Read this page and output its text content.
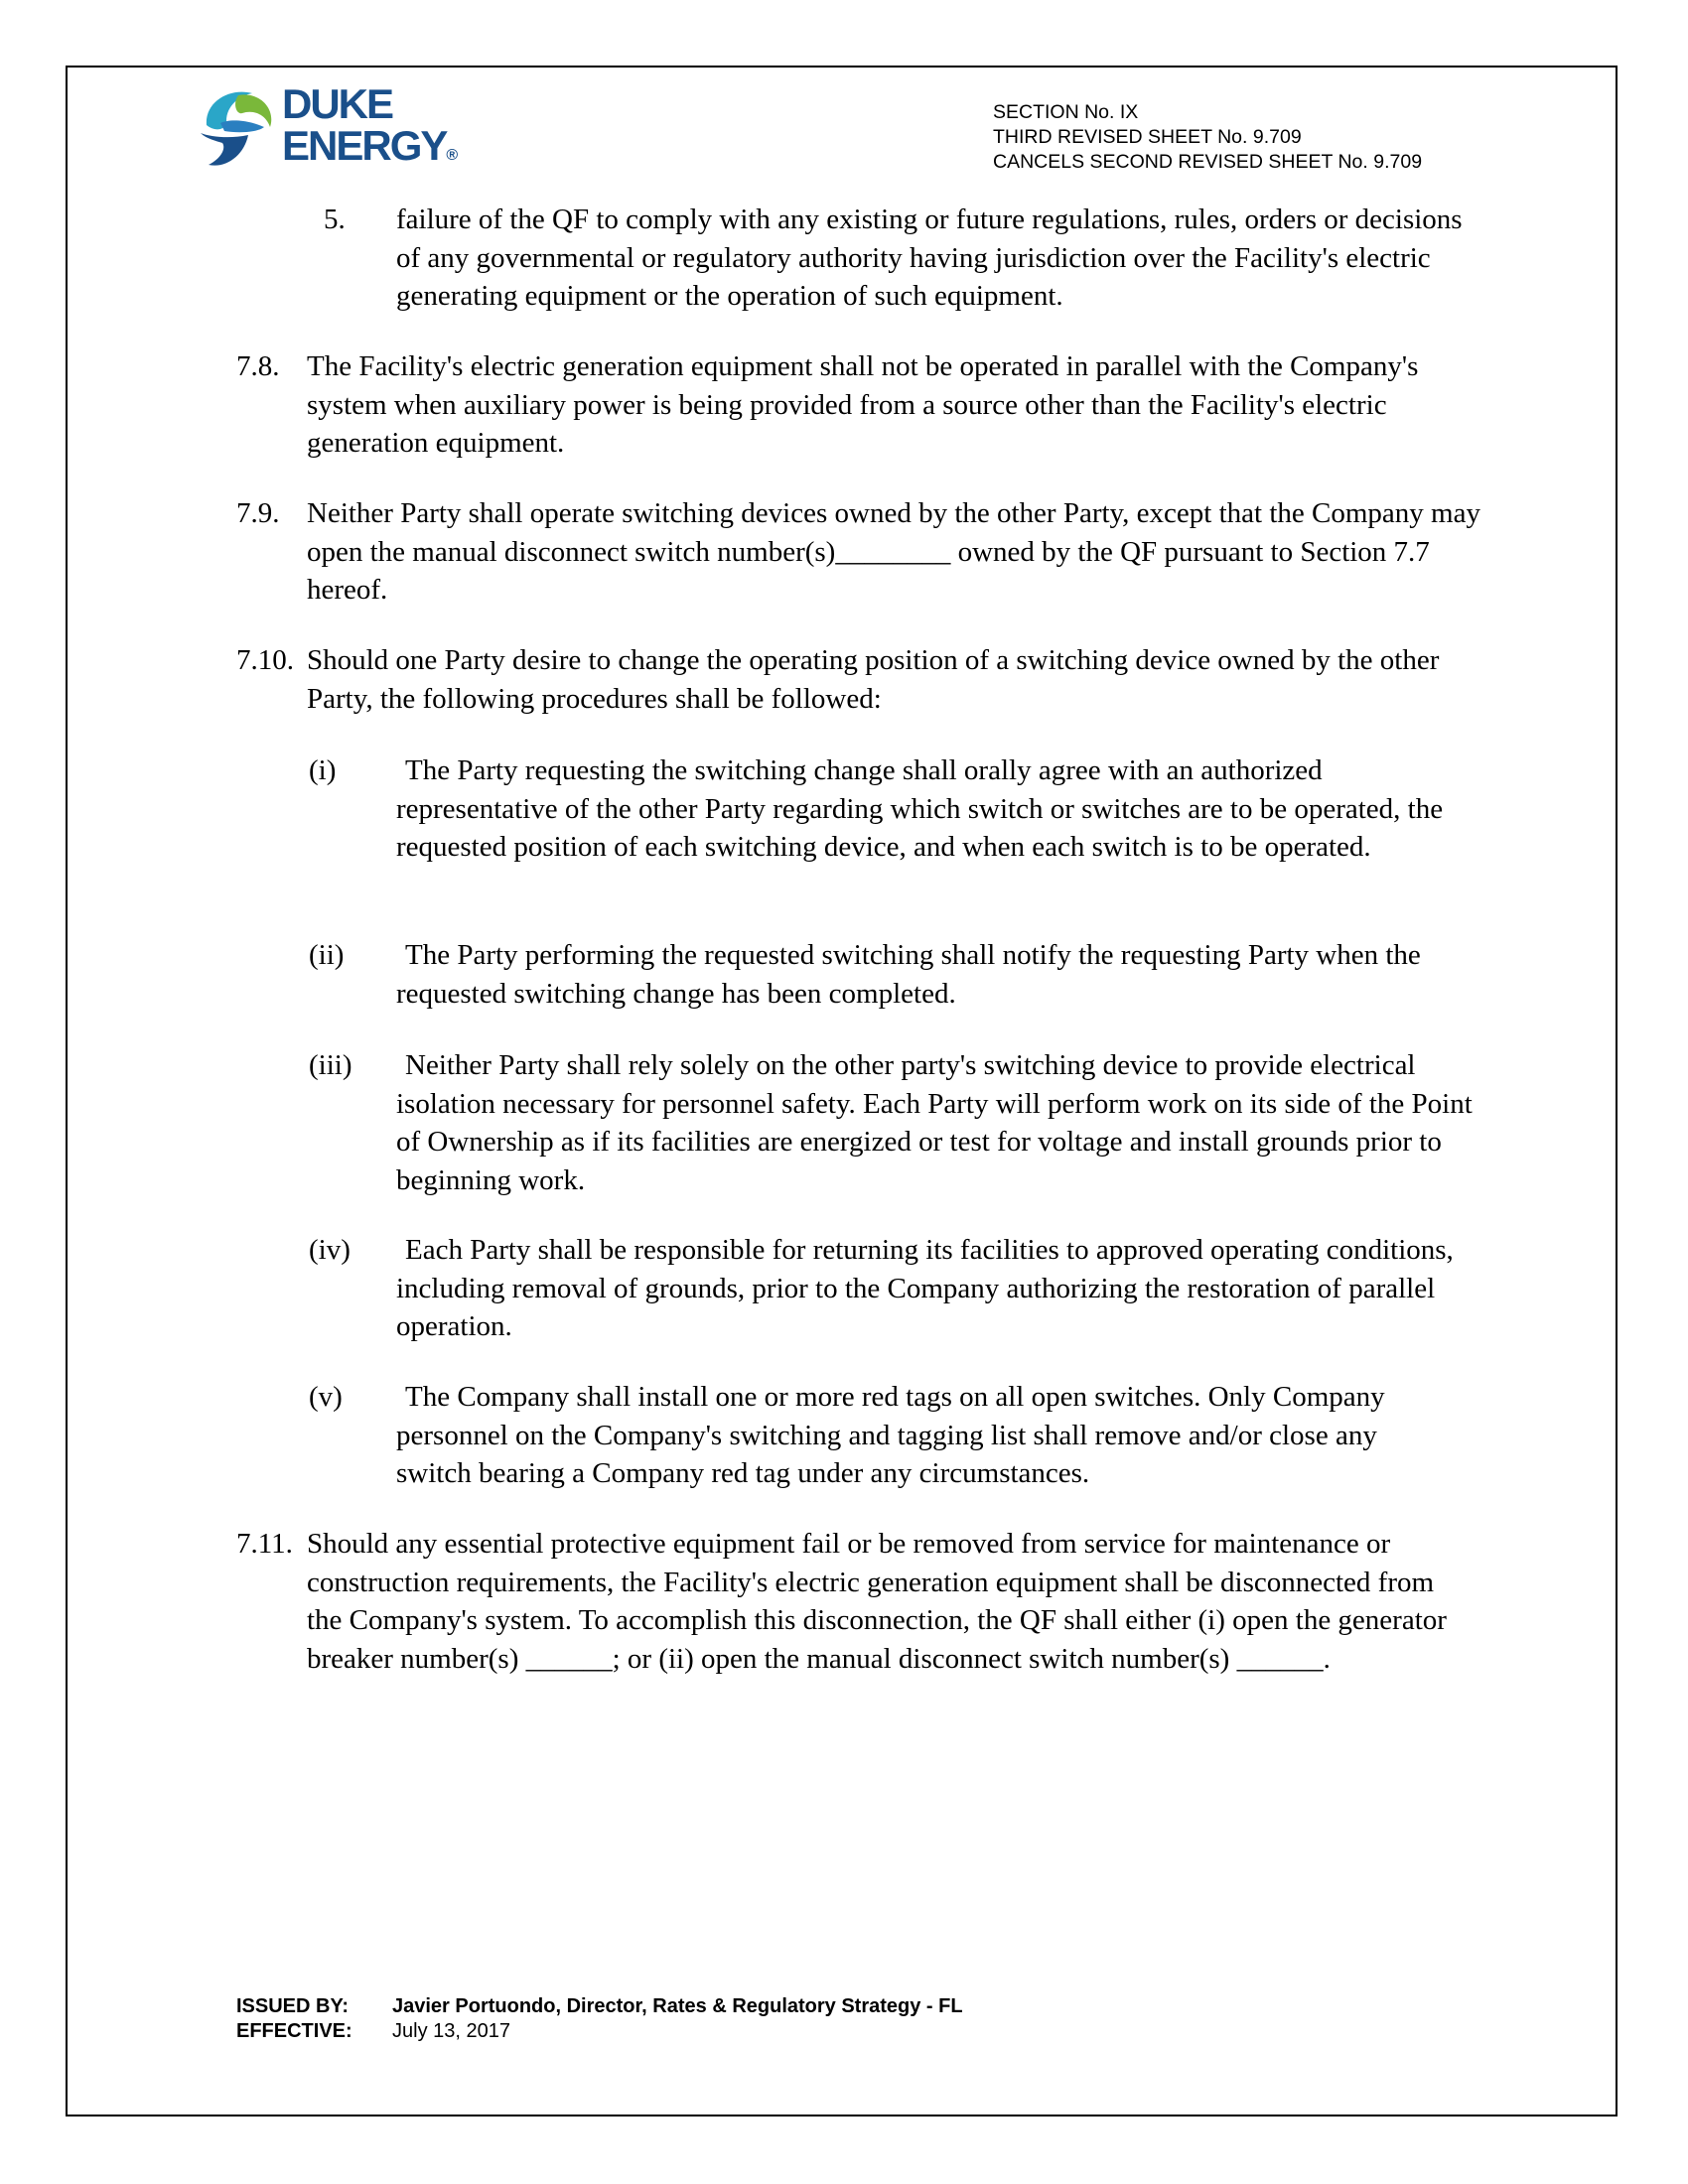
DUKE
ENERGY®
SECTION No. IX
THIRD REVISED SHEET No. 9.709
CANCELS SECOND REVISED SHEET No. 9.709
5. failure of the QF to comply with any existing or future regulations, rules, orders or decisions of any governmental or regulatory authority having jurisdiction over the Facility's electric generating equipment or the operation of such equipment.
7.8. The Facility's electric generation equipment shall not be operated in parallel with the Company's system when auxiliary power is being provided from a source other than the Facility's electric generation equipment.
7.9. Neither Party shall operate switching devices owned by the other Party, except that the Company may open the manual disconnect switch number(s)________ owned by the QF pursuant to Section 7.7 hereof.
7.10. Should one Party desire to change the operating position of a switching device owned by the other Party, the following procedures shall be followed:
(i)	The Party requesting the switching change shall orally agree with an authorized representative of the other Party regarding which switch or switches are to be operated, the requested position of each switching device, and when each switch is to be operated.
(ii)	The Party performing the requested switching shall notify the requesting Party when the requested switching change has been completed.
(iii)	Neither Party shall rely solely on the other party's switching device to provide electrical isolation necessary for personnel safety. Each Party will perform work on its side of the Point of Ownership as if its facilities are energized or test for voltage and install grounds prior to beginning work.
(iv)	Each Party shall be responsible for returning its facilities to approved operating conditions, including removal of grounds, prior to the Company authorizing the restoration of parallel operation.
(v)	The Company shall install one or more red tags on all open switches. Only Company personnel on the Company's switching and tagging list shall remove and/or close any switch bearing a Company red tag under any circumstances.
7.11. Should any essential protective equipment fail or be removed from service for maintenance or construction requirements, the Facility's electric generation equipment shall be disconnected from the Company's system. To accomplish this disconnection, the QF shall either (i) open the generator breaker number(s) ______; or (ii) open the manual disconnect switch number(s) ______.
ISSUED BY: Javier Portuondo, Director, Rates & Regulatory Strategy - FL
EFFECTIVE: July 13, 2017
